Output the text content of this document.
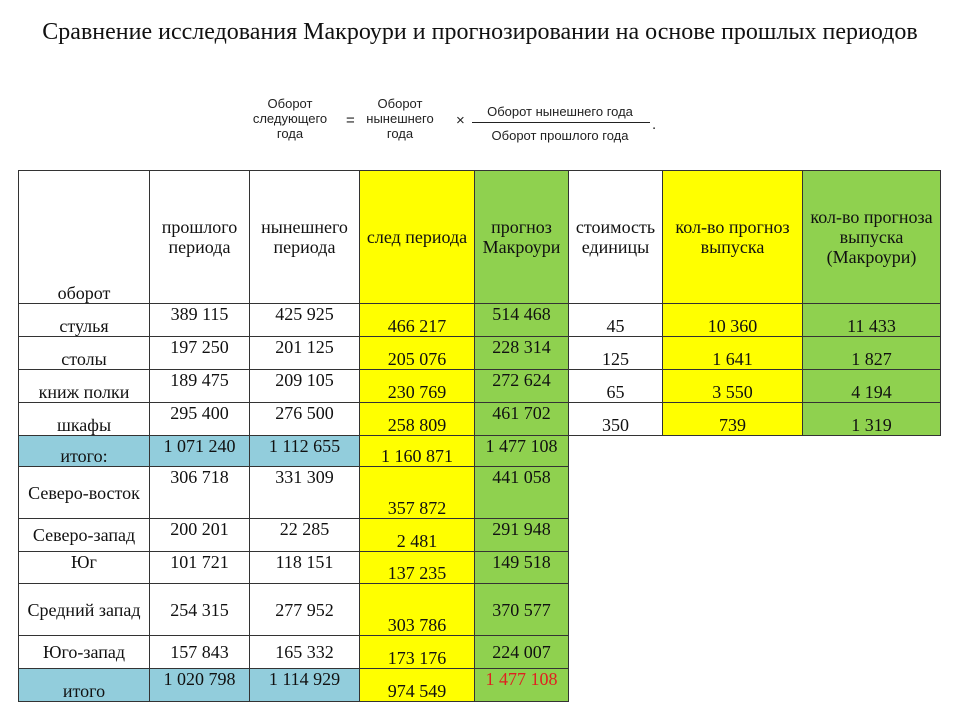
Сравнение исследования Макроури и прогнозировании на основе прошлых периодов
Оборот
следующего
года
=
Оборот
нынешнего
года
×
Оборот нынешнего года
Оборот прошлого года
.
оборот	прошлого периода	нынешнего периода	след периода	прогноз Макроури	стоимость единицы	кол-во прогноз выпуска	кол-во прогноза выпуска (Макроури)
стулья	389 115	425 925	466 217	514 468	45	10 360	11 433
столы	197 250	201 125	205 076	228 314	125	1 641	1 827
книж полки	189 475	209 105	230 769	272 624	65	3 550	4 194
шкафы	295 400	276 500	258 809	461 702	350	739	1 319
итого:	1 071 240	1 112 655	1 160 871	1 477 108			
Северо-восток	306 718	331 309	357 872	441 058			
Северо-запад	200 201	22 285	2 481	291 948			
Юг	101 721	118 151	137 235	149 518			
Средний запад	254 315	277 952	303 786	370 577			
Юго-запад	157 843	165 332	173 176	224 007			
итого	1 020 798	1 114 929	974 549	1 477 108			
